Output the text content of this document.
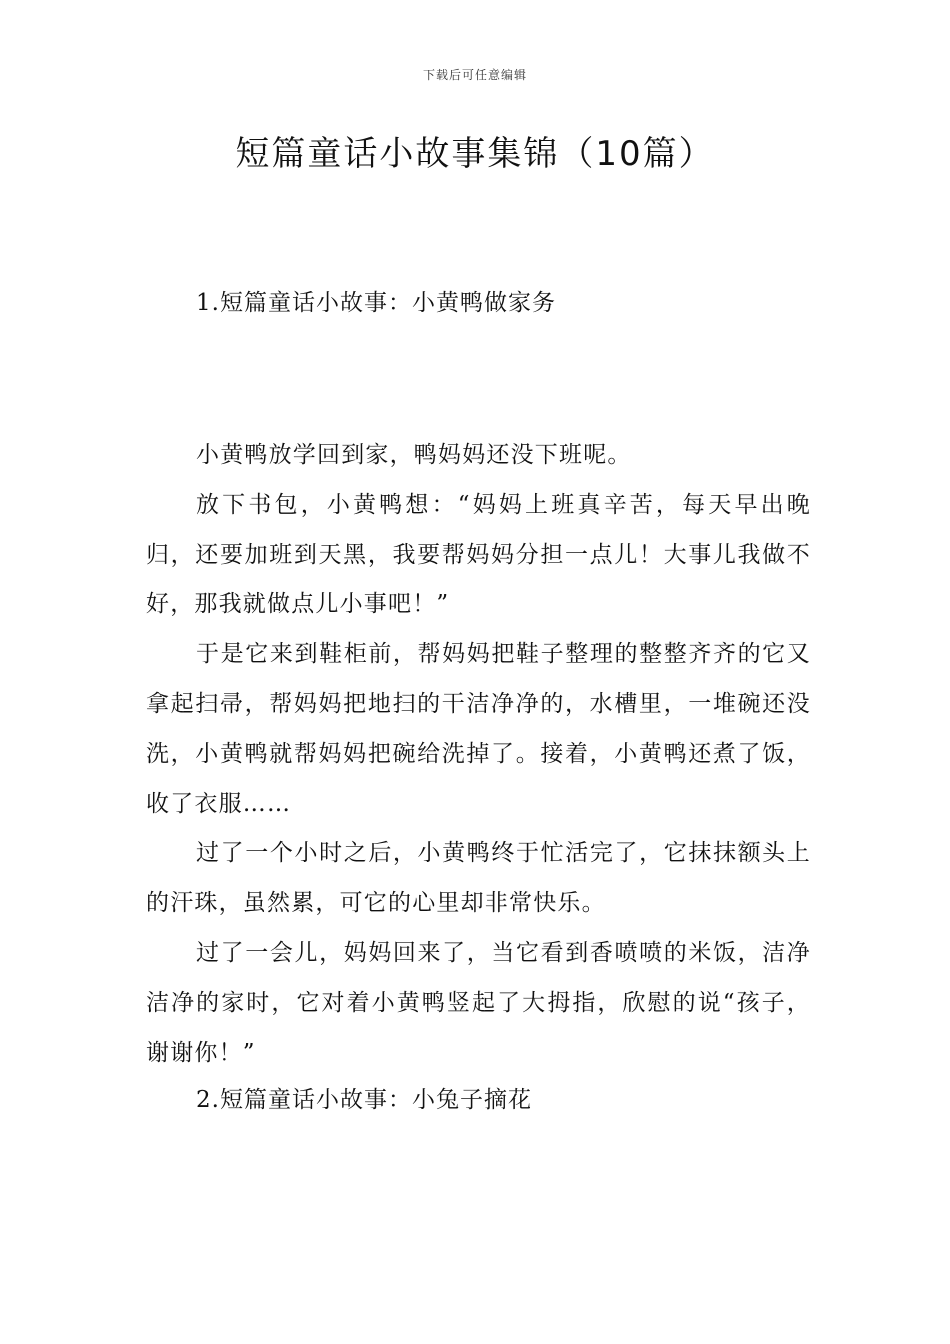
下载后可任意编辑
短篇童话小故事集锦（10篇）
1.短篇童话小故事：小黄鸭做家务

小黄鸭放学回到家，鸭妈妈还没下班呢。

放下书包，小黄鸭想：“妈妈上班真辛苦，每天早出晚归，还要加班到天黑，我要帮妈妈分担一点儿！大事儿我做不好，那我就做点儿小事吧！”

于是它来到鞋柜前，帮妈妈把鞋子整理的整整齐齐的它又拿起扫帚，帮妈妈把地扫的干洁净净的，水槽里，一堆碗还没洗，小黄鸭就帮妈妈把碗给洗掉了。接着，小黄鸭还煮了饭，收了衣服……

过了一个小时之后，小黄鸭终于忙活完了，它抹抹额头上的汗珠，虽然累，可它的心里却非常快乐。

过了一会儿，妈妈回来了，当它看到香喷喷的米饭，洁净洁净的家时，它对着小黄鸭竖起了大拇指，欣慰的说“孩子，谢谢你！”

2.短篇童话小故事：小兔子摘花
